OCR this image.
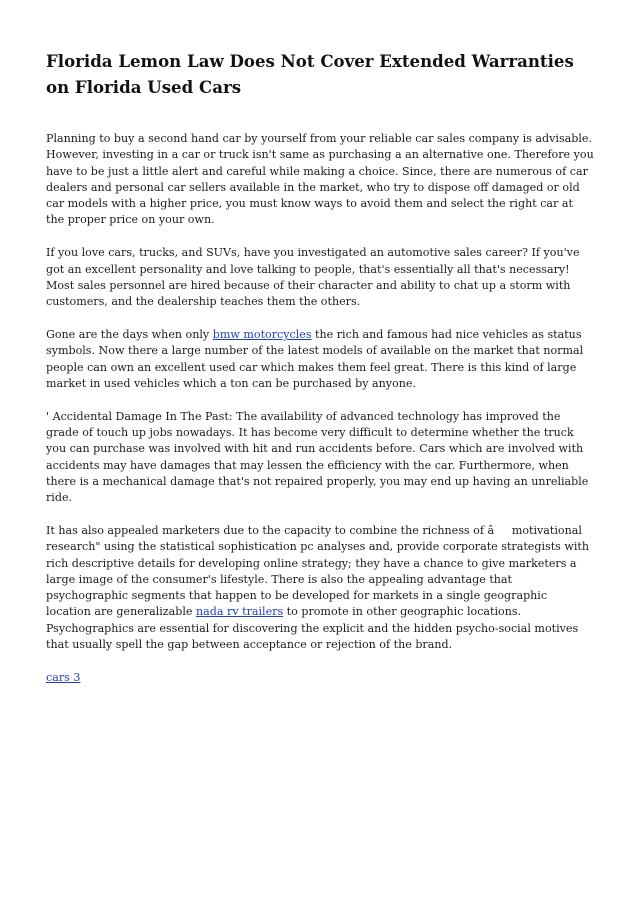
Florida Lemon Law Does Not Cover Extended Warranties on Florida Used Cars

Planning to buy a second hand car by yourself from your reliable car sales company is advisable. However, investing in a car or truck isn't same as purchasing a an alternative one. Therefore you have to be just a little alert and careful while making a choice. Since, there are numerous of car dealers and personal car sellers available in the market, who try to dispose off damaged or old car models with a higher price, you must know ways to avoid them and select the right car at the proper price on your own.

If you love cars, trucks, and SUVs, have you investigated an automotive sales career? If you've got an excellent personality and love talking to people, that's essentially all that's necessary! Most sales personnel are hired because of their character and ability to chat up a storm with customers, and the dealership teaches them the others.

Gone are the days when only bmw motorcycles the rich and famous had nice vehicles as status symbols. Now there a large number of the latest models of available on the market that normal people can own an excellent used car which makes them feel great. There is this kind of large market in used vehicles which a ton can be purchased by anyone.

' Accidental Damage In The Past: The availability of advanced technology has improved the grade of touch up jobs nowadays. It has become very difficult to determine whether the truck you can purchase was involved with hit and run accidents before. Cars which are involved with accidents may have damages that may lessen the efficiency with the car. Furthermore, when there is a mechanical damage that's not repaired properly, you may end up having an unreliable ride.

It has also appealed marketers due to the capacity to combine the richness of âmotivational research" using the statistical sophistication pc analyses and, provide corporate strategists with rich descriptive details for developing online strategy; they have a chance to give marketers a large image of the consumer's lifestyle. There is also the appealing advantage that psychographic segments that happen to be developed for markets in a single geographic location are generalizable nada rv trailers to promote in other geographic locations. Psychographics are essential for discovering the explicit and the hidden psycho-social motives that usually spell the gap between acceptance or rejection of the brand.

cars 3
